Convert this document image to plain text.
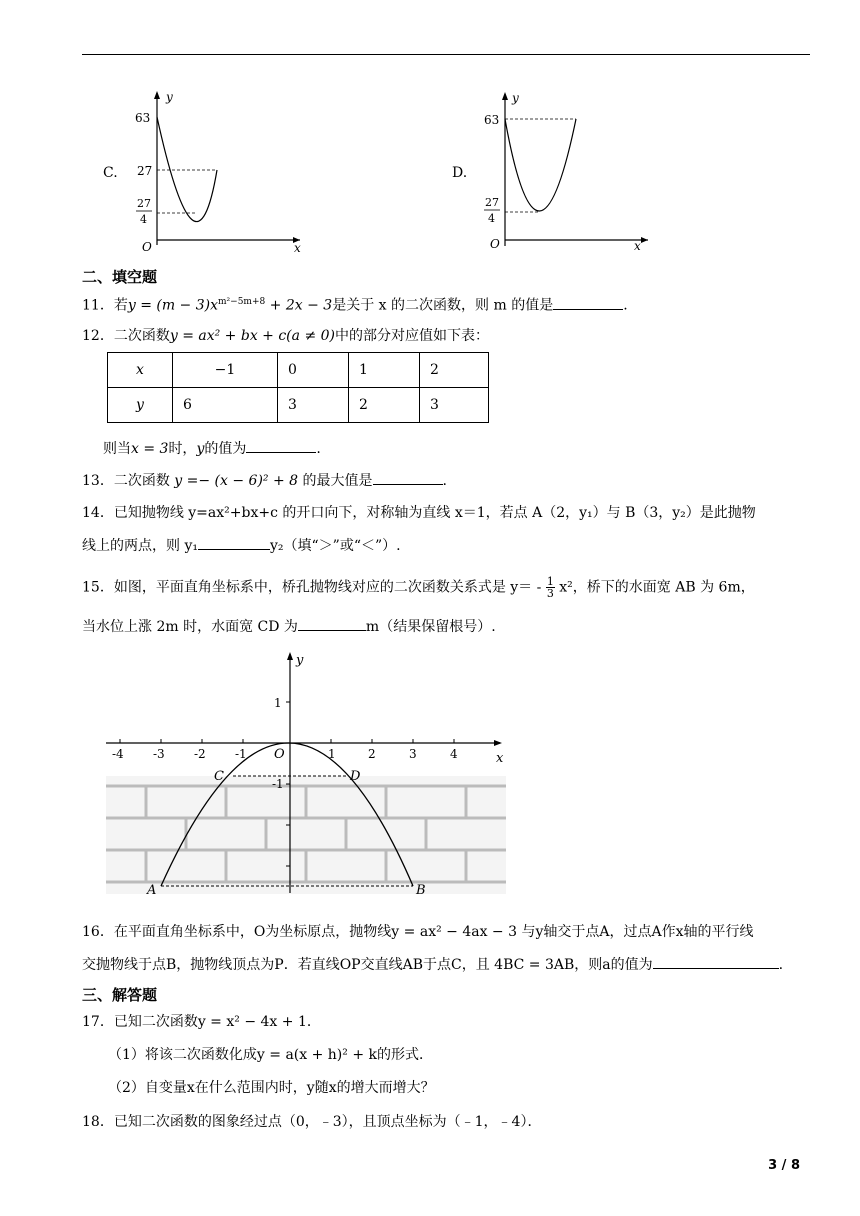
C.
y
x
O
63
27
27
4
D.
y
x
O
63
27
4
二、填空题
11．若$y = (m - 3)x^{m^2-5m+8} + 2x - 3$是关于 x 的二次函数，则 m 的值是	.
12．二次函数y = ax² + bx + c(a ≠ 0)中的部分对应值如下表：
x	−1	0	1	2
y	6	3	2	3
则当x = 3时，y的值为	.
13．二次函数 y =− (x − 6)² + 8 的最大值是	.
14．已知抛物线 y=ax²+bx+c 的开口向下，对称轴为直线 x＝1，若点 A（2，y₁）与 B（3，y₂）是此抛物
线上的两点，则 y₁	y₂（填“＞”或“＜”）.
15．如图，平面直角坐标系中，桥孔抛物线对应的二次函数关系式是 $y= - \frac{1}{3} x^2$，桥下的水面宽 AB 为 6m，
当水位上涨 2m 时，水面宽 CD 为	m（结果保留根号）.
-4 -3 -2 -1 O	1	2	3	4	x
y
1
-1
A	B
C	D
16．在平面直角坐标系中，O为坐标原点，抛物线y = ax² − 4ax − 3 与y轴交于点A，过点A作x轴的平行线
交抛物线于点B，抛物线顶点为P．若直线OP交直线AB于点C，且 4BC = 3AB，则a的值为	.
三、解答题
17．已知二次函数y = x² − 4x + 1．
（1）将该二次函数化成y = a(x + h)² + k的形式．
（2）自变量x在什么范围内时，y随x的增大而增大？
18．已知二次函数的图象经过点（0，﹣3），且顶点坐标为（﹣1，﹣4）．
3 / 8
